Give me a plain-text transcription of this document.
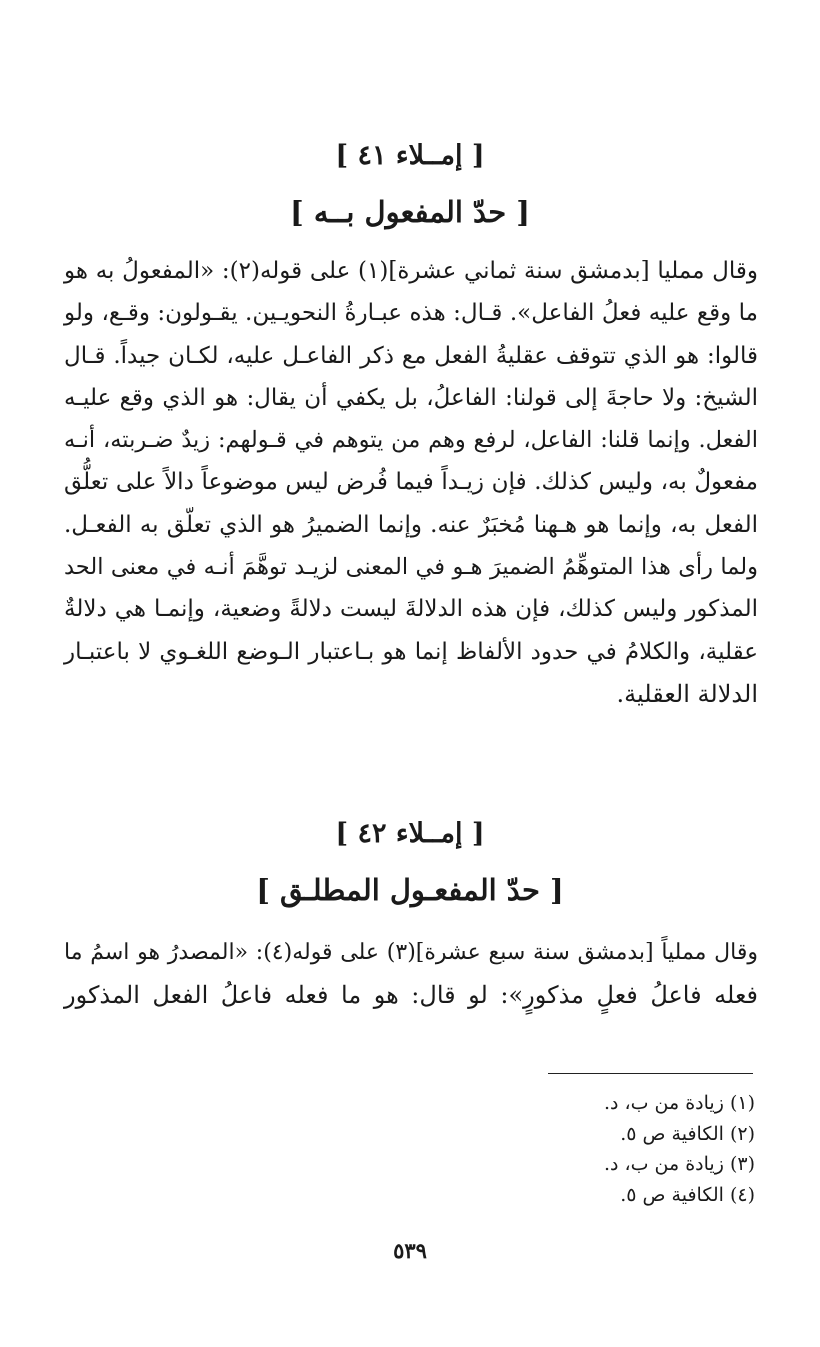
[ إمــلاء ٤١ ]
[ حدّ المفعول بــه ]
وقال ممليا [بدمشق سنة ثماني عشرة](١) على قوله(٢): «المفعولُ به هو
ما وقع عليه فعلُ الفاعل». قـال: هذه عبـارةُ النحويـين. يقـولون: وقـع، ولو
قالوا: هو الذي تتوقف عقليةُ الفعل مع ذكر الفاعـل عليه، لكـان جيداً. قـال
الشيخ: ولا حاجةَ إلى قولنا: الفاعلُ، بل يكفي أن يقال: هو الذي وقع عليـه
الفعل. وإنما قلنا: الفاعل، لرفع وهم من يتوهم في قـولهم: زيدٌ ضـربته، أنـه
مفعولٌ به، وليس كذلك. فإن زيـداً فيما فُرض ليس موضوعاً دالاً على تعلُّق
الفعل به، وإنما هو هـهنا مُخبَرٌ عنه. وإنما الضميرُ هو الذي تعلّق به الفعـل.
ولما رأى هذا المتوهِّمُ الضميرَ هـو في المعنى لزيـد توهَّمَ أنـه في معنى الحد
المذكور وليس كذلك، فإن هذه الدلالةَ ليست دلالةً وضعية، وإنمـا هي دلالةٌ
عقلية، والكلامُ في حدود الألفاظ إنما هو بـاعتبار الـوضع اللغـوي لا باعتبـار
الدلالة العقلية.
[ إمــلاء ٤٢ ]
[ حدّ المفعـول المطلـق ]
وقال مملياً [بدمشق سنة سبع عشرة](٣) على قوله(٤): «المصدرُ هو اسمُ ما
فعله فاعلُ فعلٍ مذكورٍ»: لو قال: هو ما فعله فاعلُ الفعل المذكور
(١) زيادة من ب، د.
(٢) الكافية ص ٥.
(٣) زيادة من ب، د.
(٤) الكافية ص ٥.
٥٣٩
